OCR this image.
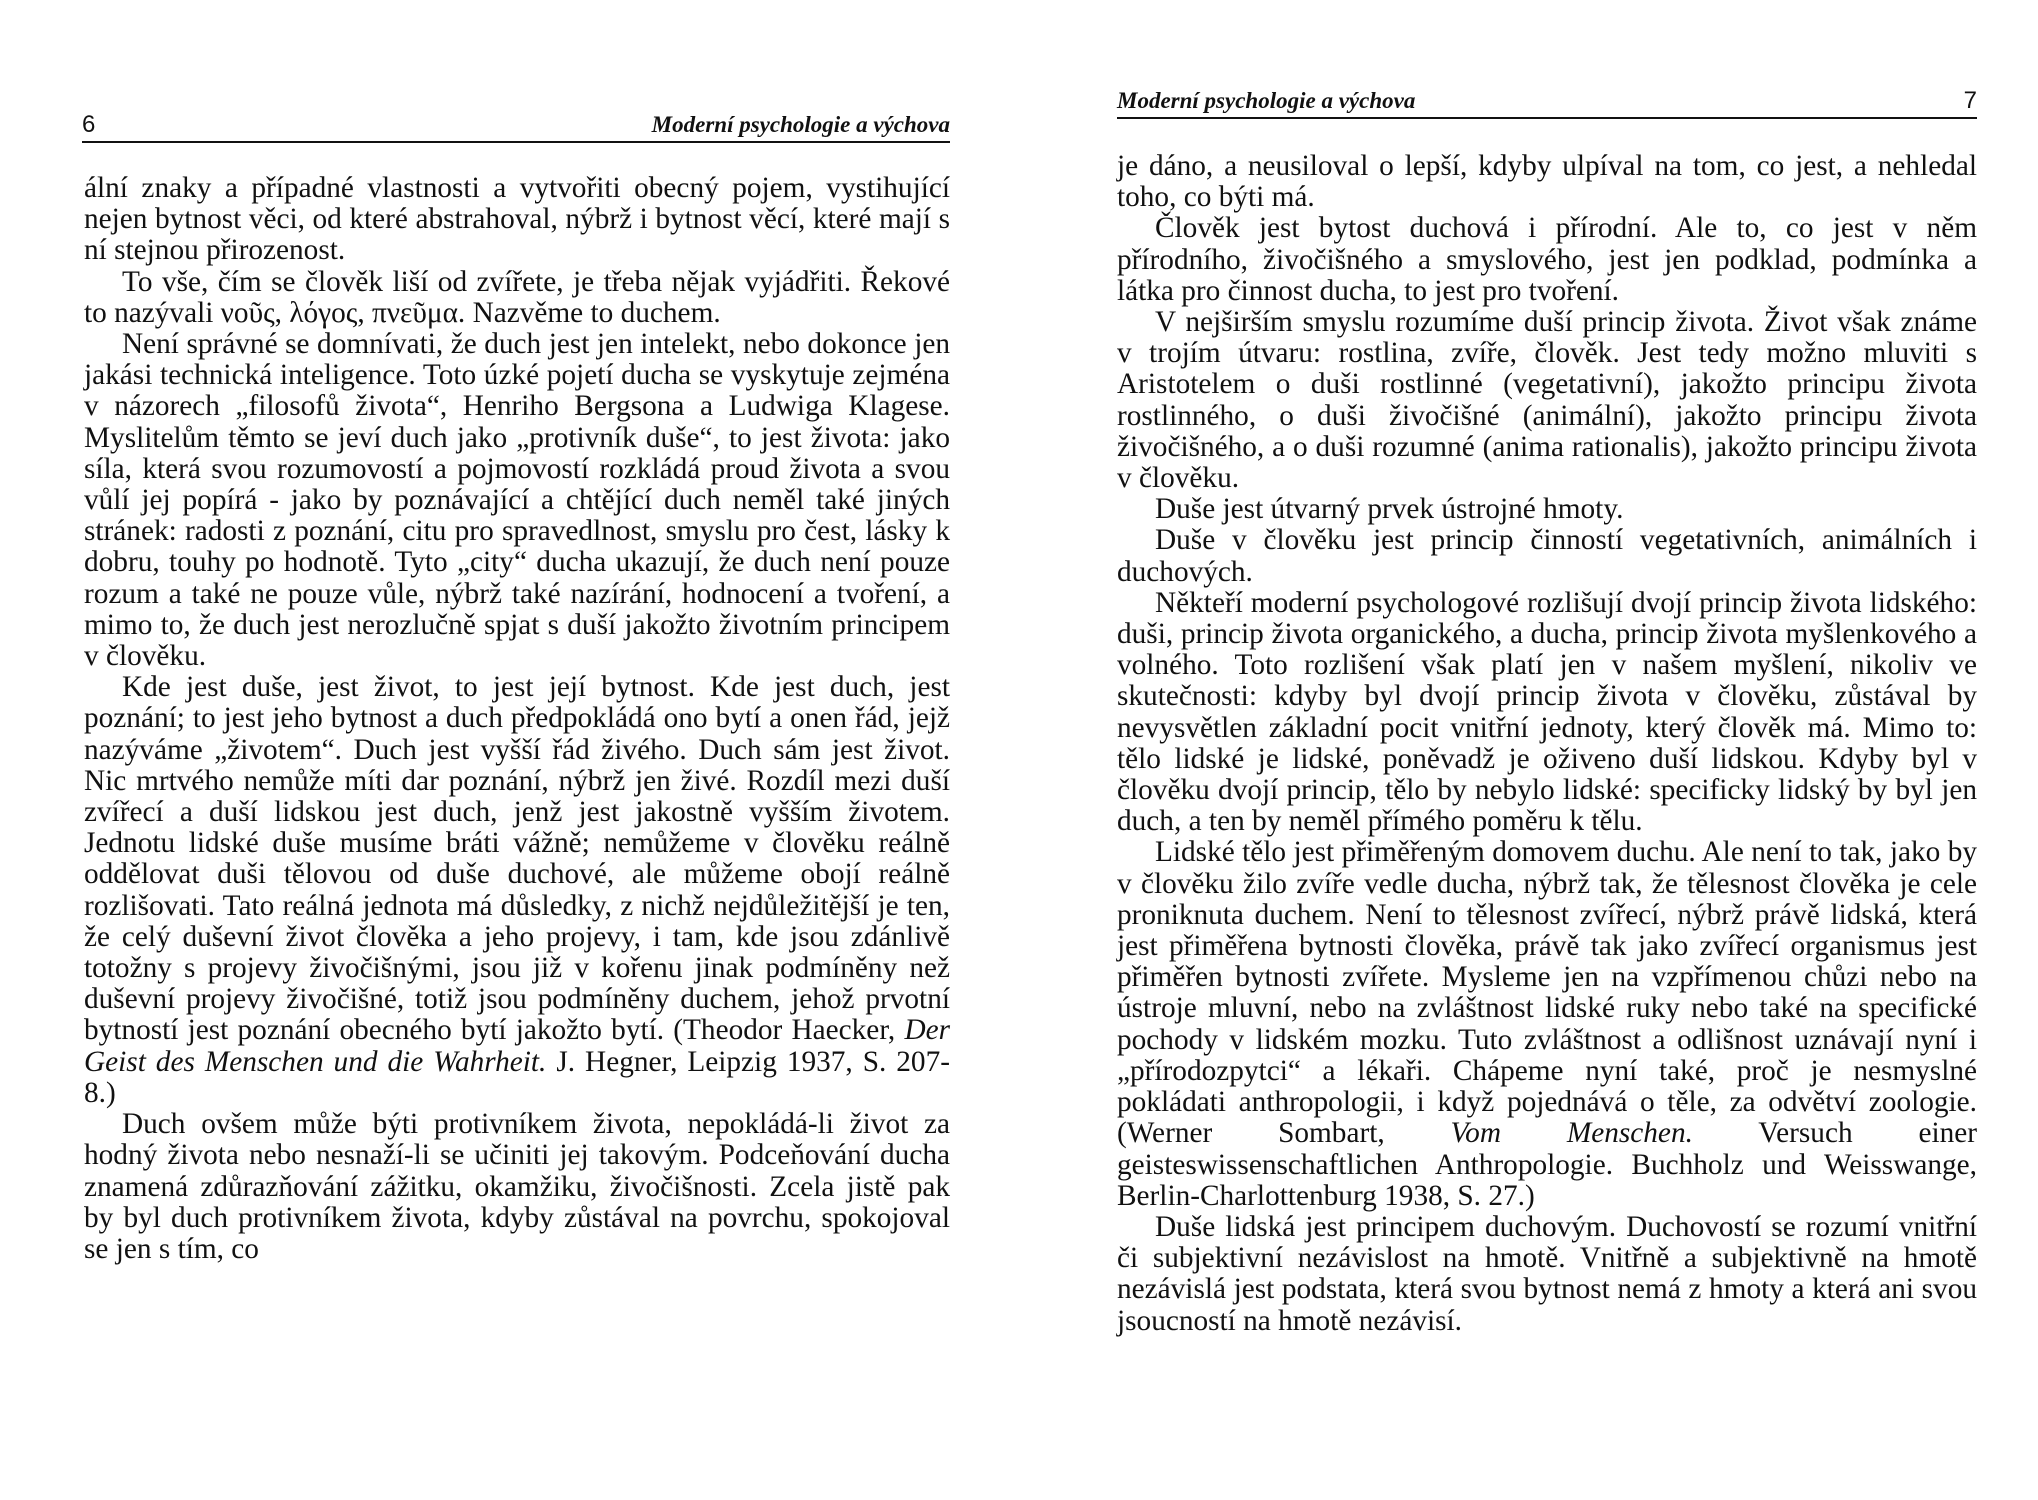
6	Moderní psychologie a výchova

ální znaky a případné vlastnosti a vytvořiti obecný pojem, vystihující nejen bytnost věci, od které abstrahoval, nýbrž i bytnost věcí, které mají s ní stejnou přirozenost.

To vše, čím se člověk liší od zvířete, je třeba nějak vyjádřiti. Řekové to nazývali νοῦς, λόγος, πνεῦμα. Nazvěme to duchem.

Není správné se domnívati, že duch jest jen intelekt, nebo dokonce jen jakási technická inteligence. Toto úzké pojetí ducha se vyskytuje zejména v názorech „filosofů života“, Henriho Bergsona a Ludwiga Klagese. Myslitelům těmto se jeví duch jako „protivník duše“, to jest života: jako síla, která svou rozumovostí a pojmovostí rozkládá proud života a svou vůlí jej popírá - jako by poznávající a chtějící duch neměl také jiných stránek: radosti z poznání, citu pro spravedlnost, smyslu pro čest, lásky k dobru, touhy po hodnotě. Tyto „city“ ducha ukazují, že duch není pouze rozum a také ne pouze vůle, nýbrž také nazírání, hodnocení a tvoření, a mimo to, že duch jest nerozlučně spjat s duší jakožto životním principem v člověku.

Kde jest duše, jest život, to jest její bytnost. Kde jest duch, jest poznání; to jest jeho bytnost a duch předpokládá ono bytí a onen řád, jejž nazýváme „životem“. Duch jest vyšší řád živého. Duch sám jest život. Nic mrtvého nemůže míti dar poznání, nýbrž jen živé. Rozdíl mezi duší zvířecí a duší lidskou jest duch, jenž jest jakostně vyšším životem. Jednotu lidské duše musíme bráti vážně; nemůžeme v člověku reálně oddělovat duši tělovou od duše duchové, ale můžeme obojí reálně rozlišovati. Tato reálná jednota má důsledky, z nichž nejdůležitější je ten, že celý duševní život člověka a jeho projevy, i tam, kde jsou zdánlivě totožny s projevy živočišnými, jsou již v kořenu jinak podmíněny než duševní projevy živočišné, totiž jsou podmíněny duchem, jehož prvotní bytností jest poznání obecného bytí jakožto bytí. (Theodor Haecker, Der Geist des Menschen und die Wahrheit. J. Hegner, Leipzig 1937, S. 207-8.)

Duch ovšem může býti protivníkem života, nepokládá-li život za hodný života nebo nesnaží-li se učiniti jej takovým. Podceňování ducha znamená zdůrazňování zážitku, okamžiku, živočišnosti. Zcela jistě pak by byl duch protivníkem života, kdyby zůstával na povrchu, spokojoval se jen s tím, co

Moderní psychologie a výchova	7

je dáno, a neusiloval o lepší, kdyby ulpíval na tom, co jest, a nehledal toho, co býti má.

Člověk jest bytost duchová i přírodní. Ale to, co jest v něm přírodního, živočišného a smyslového, jest jen podklad, podmínka a látka pro činnost ducha, to jest pro tvoření.

V nejširším smyslu rozumíme duší princip života. Život však známe v trojím útvaru: rostlina, zvíře, člověk. Jest tedy možno mluviti s Aristotelem o duši rostlinné (vegetativní), jakožto principu života rostlinného, o duši živočišné (animální), jakožto principu života živočišného, a o duši rozumné (anima rationalis), jakožto principu života v člověku.

Duše jest útvarný prvek ústrojné hmoty.

Duše v člověku jest princip činností vegetativních, animálních i duchových.

Někteří moderní psychologové rozlišují dvojí princip života lidského: duši, princip života organického, a ducha, princip života myšlenkového a volného. Toto rozlišení však platí jen v našem myšlení, nikoliv ve skutečnosti: kdyby byl dvojí princip života v člověku, zůstával by nevysvětlen základní pocit vnitřní jednoty, který člověk má. Mimo to: tělo lidské je lidské, poněvadž je oživeno duší lidskou. Kdyby byl v člověku dvojí princip, tělo by nebylo lidské: specificky lidský by byl jen duch, a ten by neměl přímého poměru k tělu.

Lidské tělo jest přiměřeným domovem duchu. Ale není to tak, jako by v člověku žilo zvíře vedle ducha, nýbrž tak, že tělesnost člověka je cele proniknuta duchem. Není to tělesnost zvířecí, nýbrž právě lidská, která jest přiměřena bytnosti člověka, právě tak jako zvířecí organismus jest přiměřen bytnosti zvířete. Mysleme jen na vzpřímenou chůzi nebo na ústroje mluvní, nebo na zvláštnost lidské ruky nebo také na specifické pochody v lidském mozku. Tuto zvláštnost a odlišnost uznávají nyní i „přírodozpytci“ a lékaři. Chápeme nyní také, proč je nesmyslné pokládati anthropologii, i když pojednává o těle, za odvětví zoologie. (Werner Sombart, Vom Menschen. Versuch einer geisteswissenschaftlichen Anthropologie. Buchholz und Weisswange, Berlin-Charlottenburg 1938, S. 27.)

Duše lidská jest principem duchovým. Duchovostí se rozumí vnitřní či subjektivní nezávislost na hmotě. Vnitřně a subjektivně na hmotě nezávislá jest podstata, která svou bytnost nemá z hmoty a která ani svou jsoucností na hmotě nezávisí.
